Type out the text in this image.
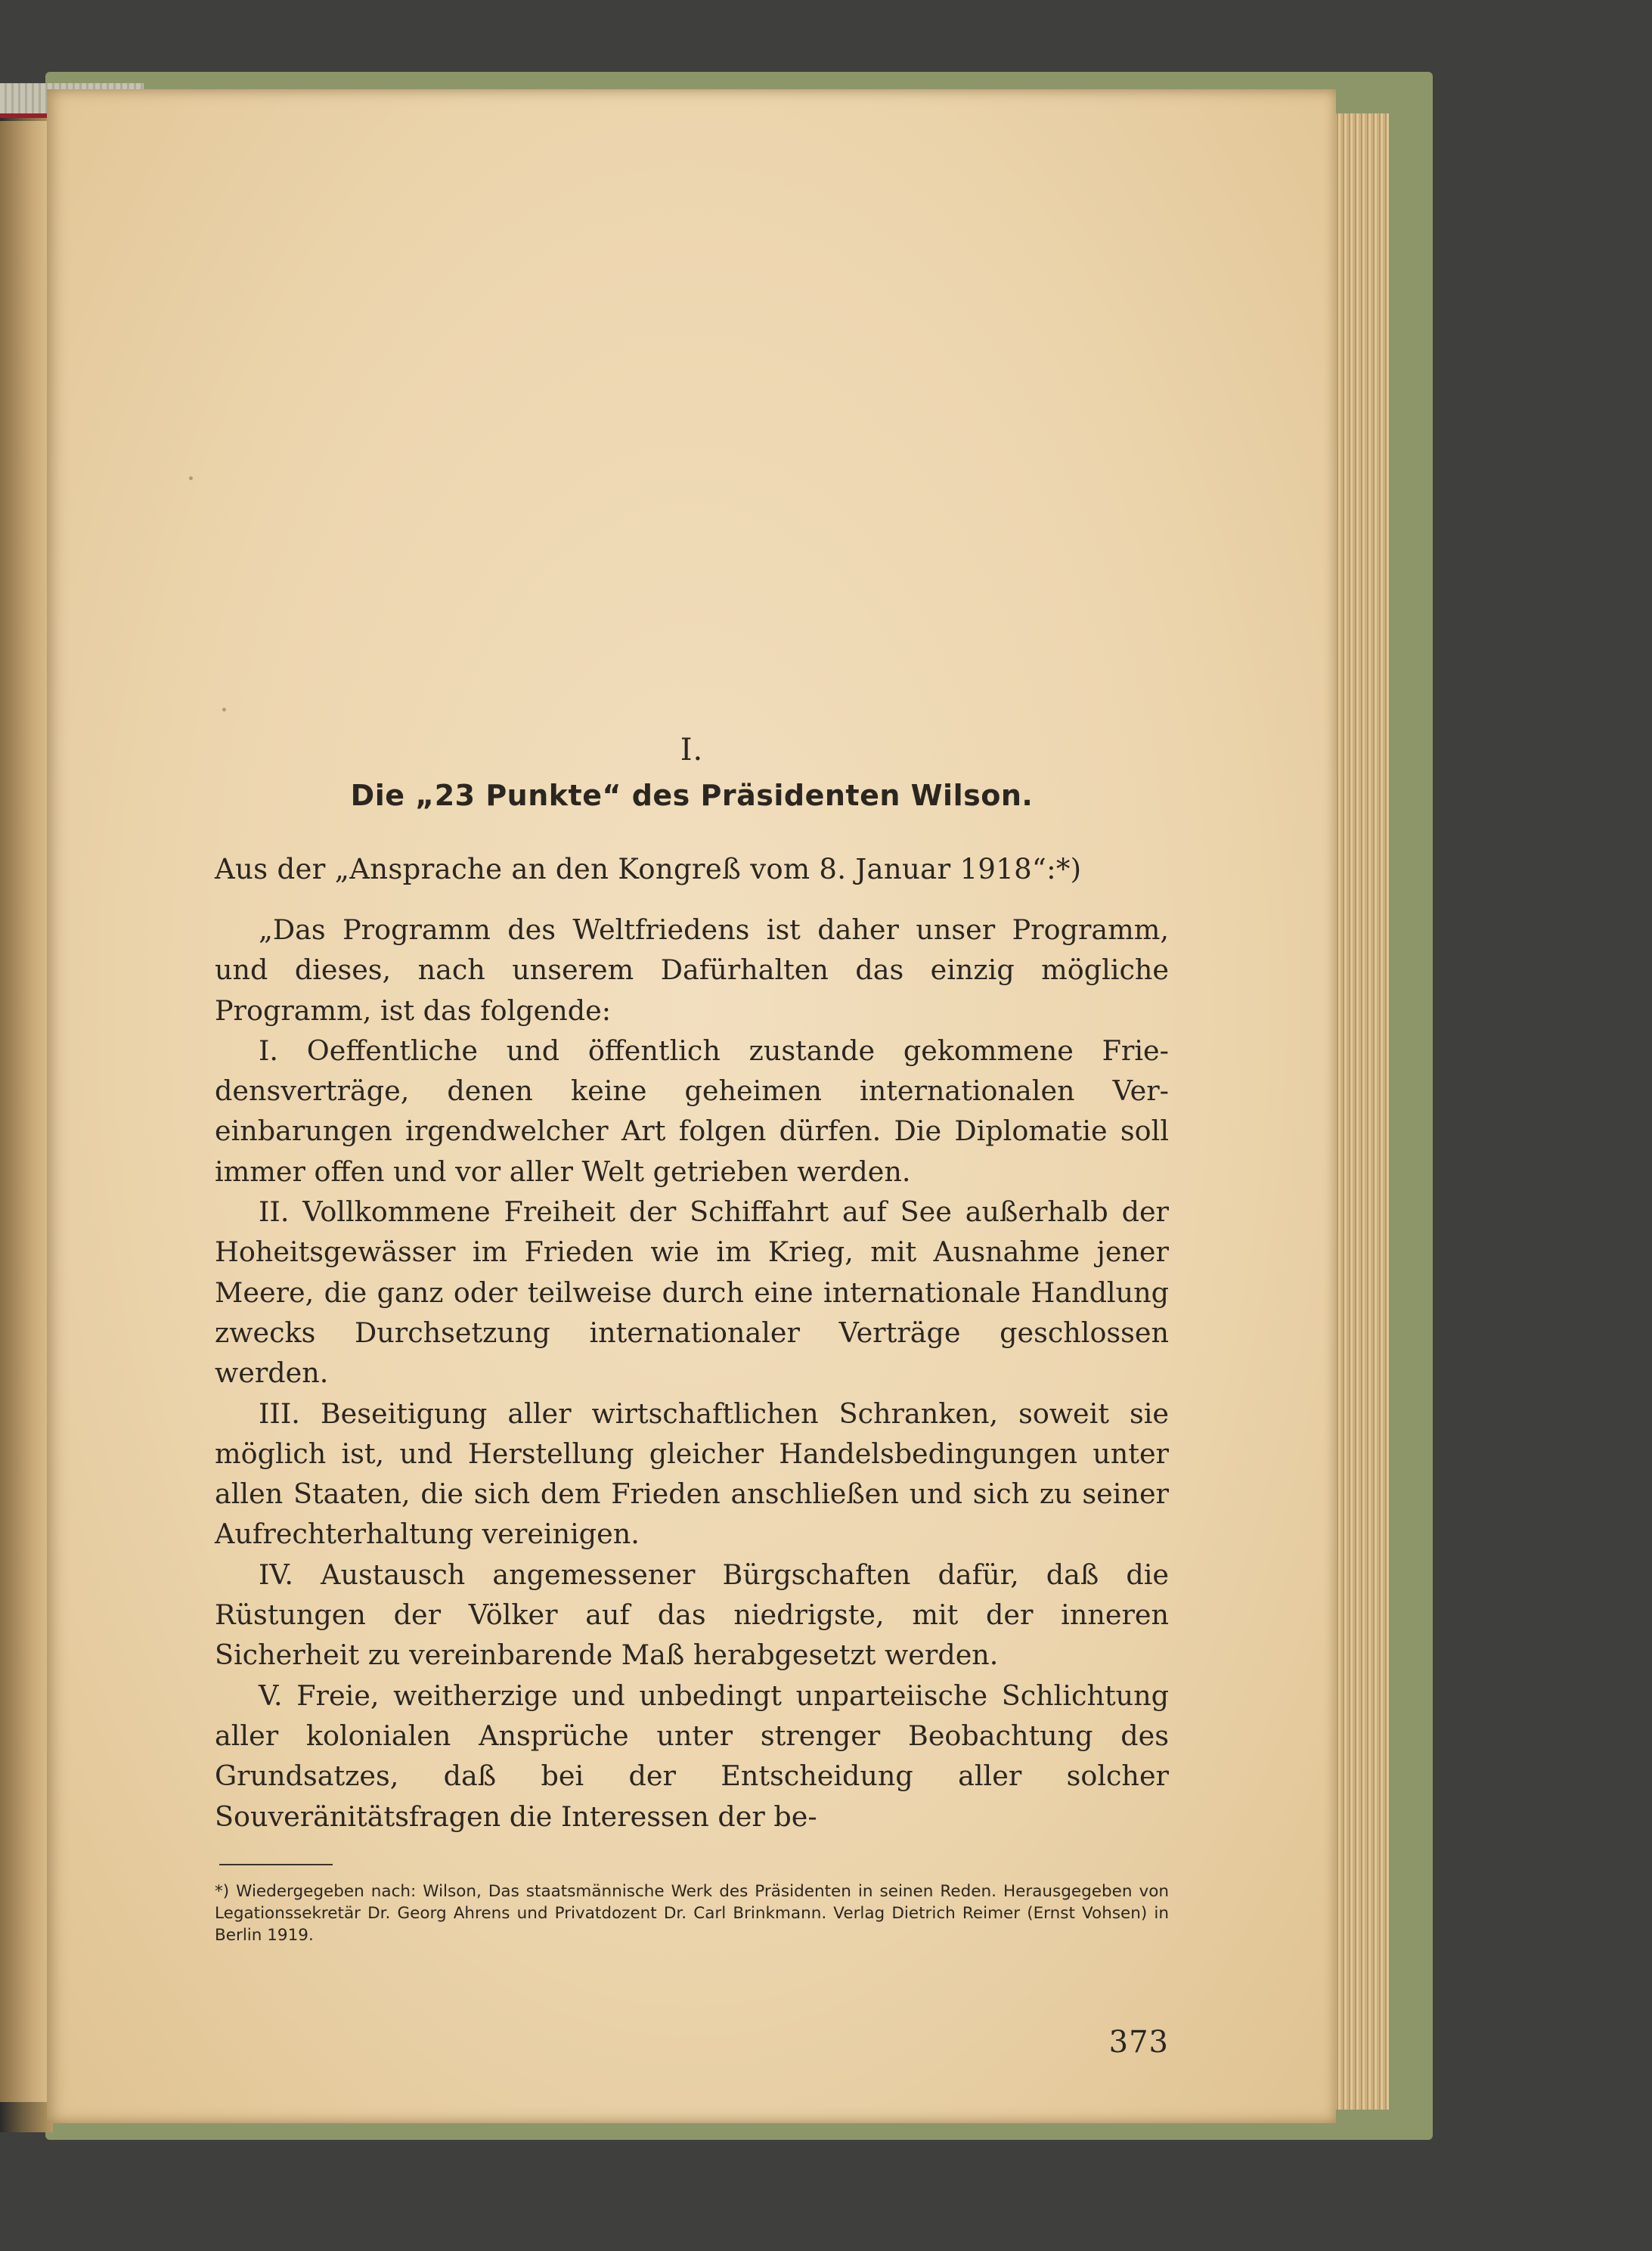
I.
Die „23 Punkte“ des Präsidenten Wilson.
Aus der „Ansprache an den Kongreß vom 8. Januar 1918“:*)

„Das Programm des Weltfriedens ist daher unser Programm, und dieses, nach unserem Dafürhalten das einzig mögliche Programm, ist das folgende:

I. Oeffentliche und öffentlich zustande gekommene Friedensverträge, denen keine geheimen internationalen Vereinbarungen irgendwelcher Art folgen dürfen. Die Diplomatie soll immer offen und vor aller Welt getrieben werden.

II. Vollkommene Freiheit der Schiffahrt auf See außerhalb der Hoheitsgewässer im Frieden wie im Krieg, mit Ausnahme jener Meere, die ganz oder teilweise durch eine internationale Handlung zwecks Durchsetzung internationaler Verträge geschlossen werden.

III. Beseitigung aller wirtschaftlichen Schranken, soweit sie möglich ist, und Herstellung gleicher Handelsbedingungen unter allen Staaten, die sich dem Frieden anschließen und sich zu seiner Aufrechterhaltung vereinigen.

IV. Austausch angemessener Bürgschaften dafür, daß die Rüstungen der Völker auf das niedrigste, mit der inneren Sicherheit zu vereinbarende Maß herabgesetzt werden.

V. Freie, weitherzige und unbedingt unparteiische Schlichtung aller kolonialen Ansprüche unter strenger Beobachtung des Grundsatzes, daß bei der Entscheidung aller solcher Souveränitätsfragen die Interessen der be-

*) Wiedergegeben nach: Wilson, Das staatsmännische Werk des Präsidenten in seinen Reden. Herausgegeben von Legationssekretär Dr. Georg Ahrens und Privatdozent Dr. Carl Brinkmann. Verlag Dietrich Reimer (Ernst Vohsen) in Berlin 1919.
373
